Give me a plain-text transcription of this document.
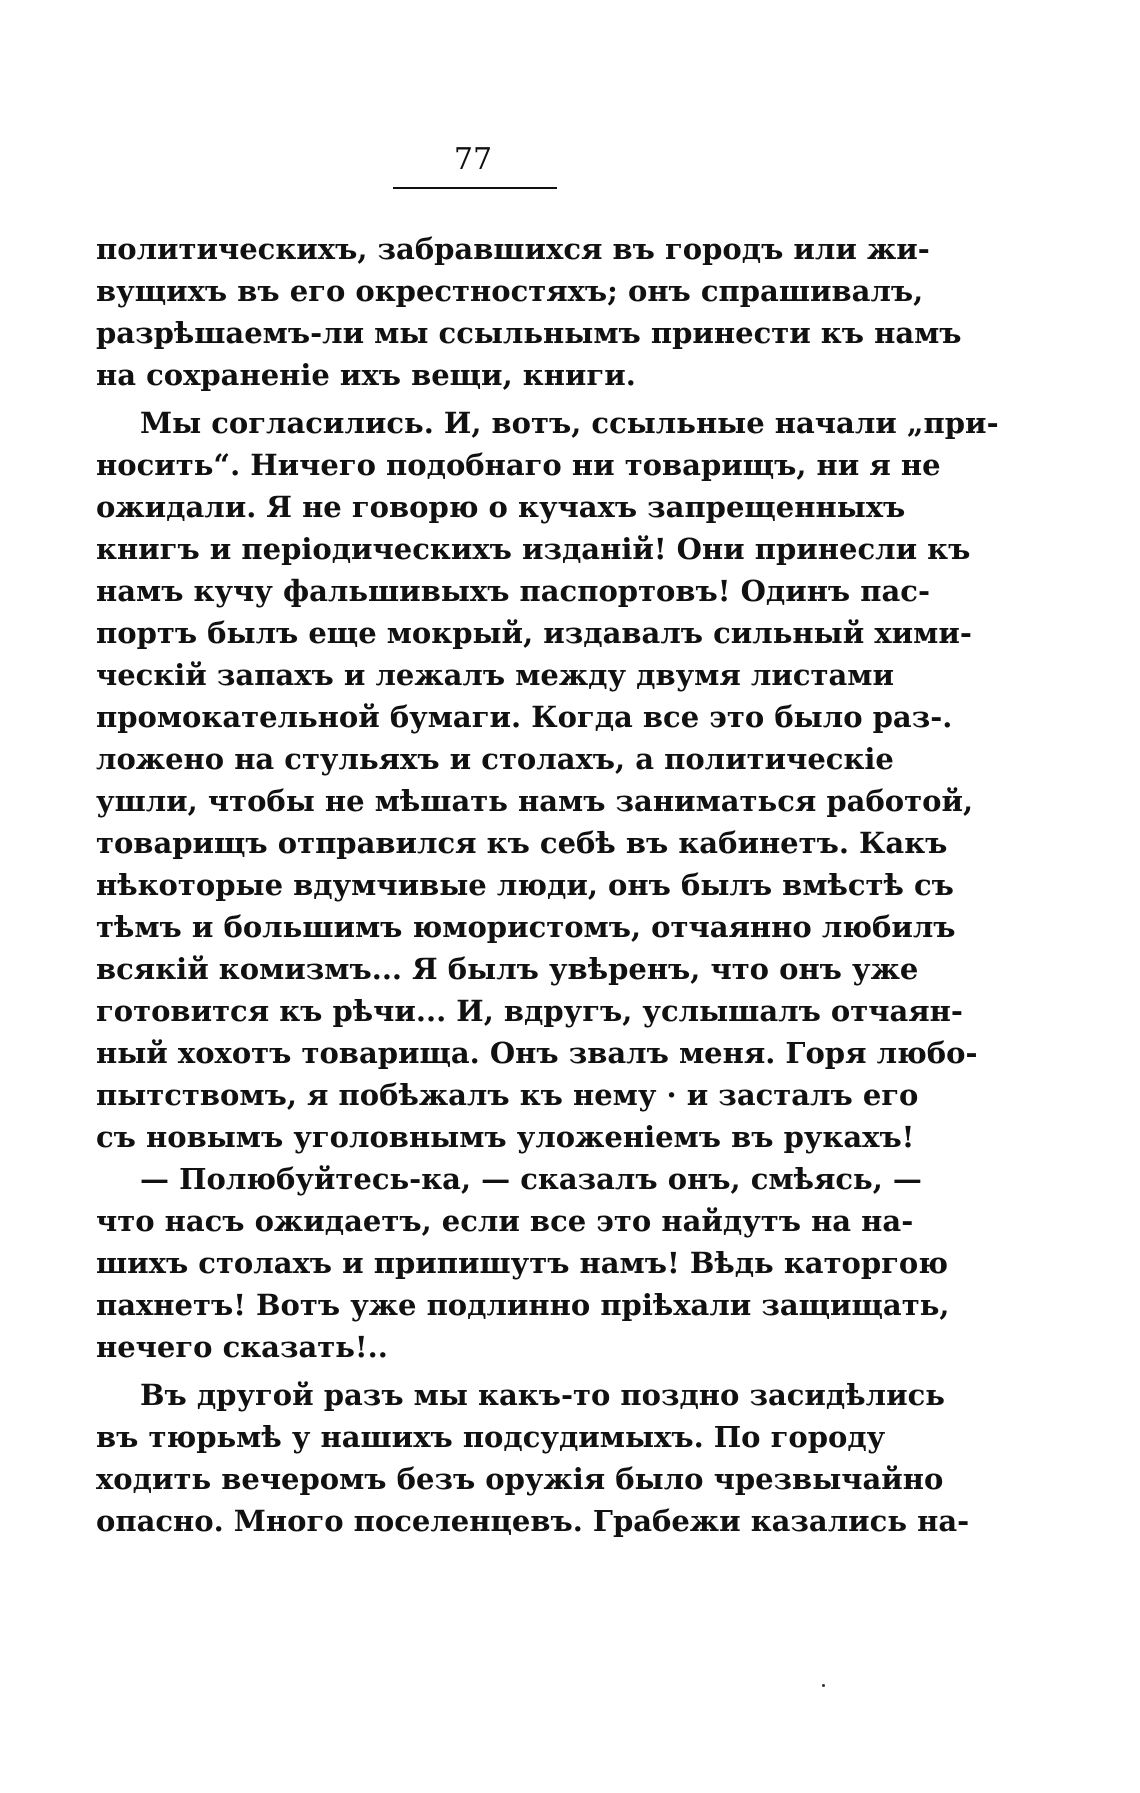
77
политическихъ, забравшихся въ городъ или жи-
вущихъ въ его окрестностяхъ; онъ спрашивалъ,
разрѣшаемъ-ли мы ссыльнымъ принести къ намъ
на сохраненіе ихъ вещи, книги.
Мы согласились. И, вотъ, ссыльные начали „при-
носить“. Ничего подобнаго ни товарищъ, ни я не
ожидали. Я не говорю о кучахъ запрещенныхъ
книгъ и періодическихъ изданій! Они принесли къ
намъ кучу фальшивыхъ паспортовъ! Одинъ пас-
портъ былъ еще мокрый, издавалъ сильный хими-
ческій запахъ и лежалъ между двумя листами
промокательной бумаги. Когда все это было раз-.
ложено на стульяхъ и столахъ, а политическіе
ушли, чтобы не мѣшать намъ заниматься работой,
товарищъ отправился къ себѣ въ кабинетъ. Какъ
нѣкоторые вдумчивые люди, онъ былъ вмѣстѣ съ
тѣмъ и большимъ юмористомъ, отчаянно любилъ
всякій комизмъ... Я былъ увѣренъ, что онъ уже
готовится къ рѣчи... И, вдругъ, услышалъ отчаян-
ный хохотъ товарища. Онъ звалъ меня. Горя любо-
пытствомъ, я побѣжалъ къ нему · и засталъ его
съ новымъ уголовнымъ уложеніемъ въ рукахъ!
— Полюбуйтесь-ка, — сказалъ онъ, смѣясь, —
что насъ ожидаетъ, если все это найдутъ на на-
шихъ столахъ и припишутъ намъ! Вѣдь каторгою
пахнетъ! Вотъ уже подлинно пріѣхали защищать,
нечего сказать!..
Въ другой разъ мы какъ-то поздно засидѣлись
въ тюрьмѣ у нашихъ подсудимыхъ. По городу
ходить вечеромъ безъ оружія было чрезвычайно
опасно. Много поселенцевъ. Грабежи казались на-
